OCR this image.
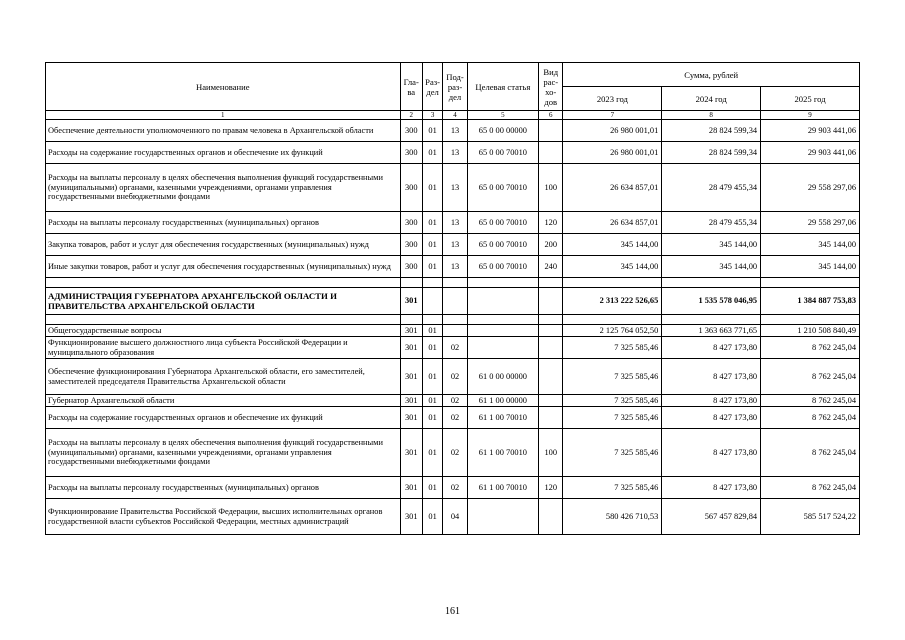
Наименование	Гла-ва	Раз-дел	Под-раз-дел	Целевая статья	Вид рас-хо-дов	Сумма, рублей		
						2023 год	2024 год	2025 год
1	2	3	4	5	6	7	8	9
Обеспечение деятельности уполномоченного по правам человека в Архангельской области	300	01	13	65 0 00 00000		26 980 001,01	28 824 599,34	29 903 441,06
Расходы на содержание государственных органов и обеспечение их функций	300	01	13	65 0 00 70010		26 980 001,01	28 824 599,34	29 903 441,06
Расходы на выплаты персоналу в целях обеспечения выполнения функций государственными (муниципальными) органами, казенными учреждениями, органами управления государственными внебюджетными фондами	300	01	13	65 0 00 70010	100	26 634 857,01	28 479 455,34	29 558 297,06
Расходы на выплаты персоналу государственных (муниципальных) органов	300	01	13	65 0 00 70010	120	26 634 857,01	28 479 455,34	29 558 297,06
Закупка товаров, работ и услуг для обеспечения государственных (муниципальных) нужд	300	01	13	65 0 00 70010	200	345 144,00	345 144,00	345 144,00
Иные закупки товаров, работ и услуг для обеспечения государственных (муниципальных) нужд	300	01	13	65 0 00 70010	240	345 144,00	345 144,00	345 144,00

АДМИНИСТРАЦИЯ ГУБЕРНАТОРА АРХАНГЕЛЬСКОЙ ОБЛАСТИ И ПРАВИТЕЛЬСТВА АРХАНГЕЛЬСКОЙ ОБЛАСТИ	301					2 313 222 526,65	1 535 578 046,95	1 384 887 753,83

Общегосударственные вопросы	301	01				2 125 764 052,50	1 363 663 771,65	1 210 508 840,49
Функционирование высшего должностного лица субъекта Российской Федерации и муниципального образования	301	01	02			7 325 585,46	8 427 173,80	8 762 245,04
Обеспечение функционирования Губернатора Архангельской области, его заместителей, заместителей председателя Правительства Архангельской области	301	01	02	61 0 00 00000		7 325 585,46	8 427 173,80	8 762 245,04
Губернатор Архангельской области	301	01	02	61 1 00 00000		7 325 585,46	8 427 173,80	8 762 245,04
Расходы на содержание государственных органов и обеспечение их функций	301	01	02	61 1 00 70010		7 325 585,46	8 427 173,80	8 762 245,04
Расходы на выплаты персоналу в целях обеспечения выполнения функций государственными (муниципальными) органами, казенными учреждениями, органами управления государственными внебюджетными фондами	301	01	02	61 1 00 70010	100	7 325 585,46	8 427 173,80	8 762 245,04
Расходы на выплаты персоналу государственных (муниципальных) органов	301	01	02	61 1 00 70010	120	7 325 585,46	8 427 173,80	8 762 245,04
Функционирование Правительства Российской Федерации, высших исполнительных органов государственной власти субъектов Российской Федерации, местных администраций	301	01	04			580 426 710,53	567 457 829,84	585 517 524,22
161
